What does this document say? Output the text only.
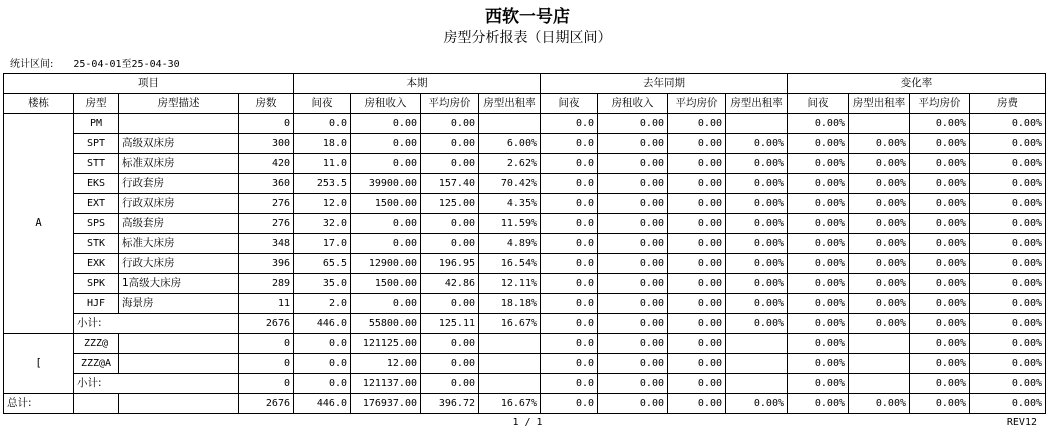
西软一号店
房型分析报表（日期区间）
统计区间: 25-04-01至25-04-30
项目				本期				去年同期				变化率			
楼栋	房型	房型描述	房数	间夜	房租收入	平均房价	房型出租率	间夜	房租收入	平均房价	房型出租率	间夜	房型出租率	平均房价	房费
A	PM		0	0.0	0.00	0.00		0.0	0.00	0.00		0.00%		0.00%	0.00%
	SPT	高级双床房	300	18.0	0.00	0.00	6.00%	0.0	0.00	0.00	0.00%	0.00%	0.00%	0.00%	0.00%
	STT	标准双床房	420	11.0	0.00	0.00	2.62%	0.0	0.00	0.00	0.00%	0.00%	0.00%	0.00%	0.00%
	EKS	行政套房	360	253.5	39900.00	157.40	70.42%	0.0	0.00	0.00	0.00%	0.00%	0.00%	0.00%	0.00%
	EXT	行政双床房	276	12.0	1500.00	125.00	4.35%	0.0	0.00	0.00	0.00%	0.00%	0.00%	0.00%	0.00%
	SPS	高级套房	276	32.0	0.00	0.00	11.59%	0.0	0.00	0.00	0.00%	0.00%	0.00%	0.00%	0.00%
	STK	标准大床房	348	17.0	0.00	0.00	4.89%	0.0	0.00	0.00	0.00%	0.00%	0.00%	0.00%	0.00%
	EXK	行政大床房	396	65.5	12900.00	196.95	16.54%	0.0	0.00	0.00	0.00%	0.00%	0.00%	0.00%	0.00%
	SPK	1高级大床房	289	35.0	1500.00	42.86	12.11%	0.0	0.00	0.00	0.00%	0.00%	0.00%	0.00%	0.00%
	HJF	海景房	11	2.0	0.00	0.00	18.18%	0.0	0.00	0.00	0.00%	0.00%	0.00%	0.00%	0.00%
	小计:		2676	446.0	55800.00	125.11	16.67%	0.0	0.00	0.00	0.00%	0.00%	0.00%	0.00%	0.00%
[	ZZZ@		0	0.0	121125.00	0.00		0.0	0.00	0.00		0.00%		0.00%	0.00%
	ZZZ@A		0	0.0	12.00	0.00		0.0	0.00	0.00		0.00%		0.00%	0.00%
	小计:		0	0.0	121137.00	0.00		0.0	0.00	0.00		0.00%		0.00%	0.00%
总计:			2676	446.0	176937.00	396.72	16.67%	0.0	0.00	0.00	0.00%	0.00%	0.00%	0.00%	0.00%
1 / 1	REV12
